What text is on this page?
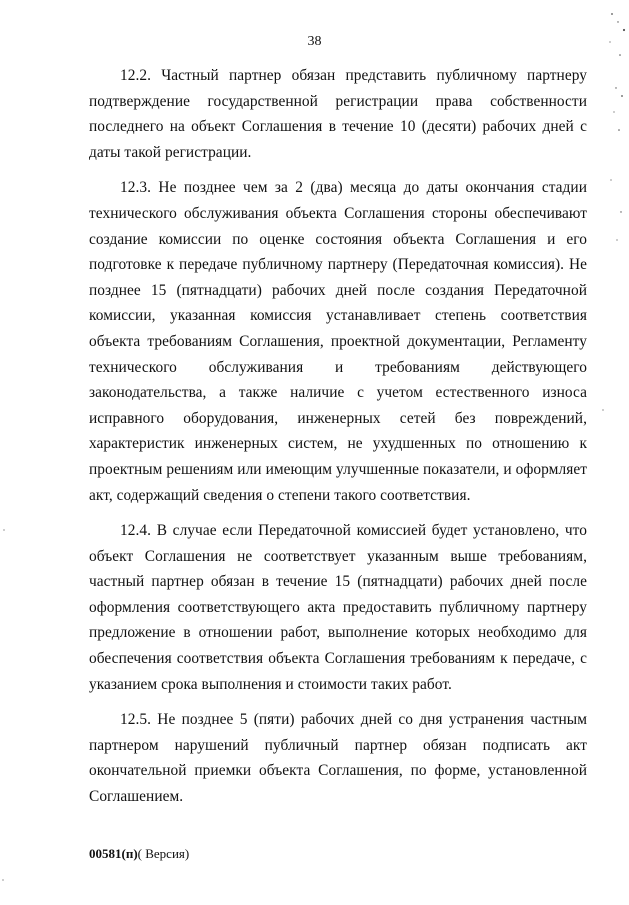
38

12.2. Частный партнер обязан представить публичному партнеру подтверждение государственной регистрации права собственности последнего на объект Соглашения в течение 10 (десяти) рабочих дней с даты такой регистрации.

12.3. Не позднее чем за 2 (два) месяца до даты окончания стадии технического обслуживания объекта Соглашения стороны обеспечивают создание комиссии по оценке состояния объекта Соглашения и его подготовке к передаче публичному партнеру (Передаточная комиссия). Не позднее 15 (пятнадцати) рабочих дней после создания Передаточной комиссии, указанная комиссия устанавливает степень соответствия объекта требованиям Соглашения, проектной документации, Регламенту технического обслуживания и требованиям действующего законодательства, а также наличие с учетом естественного износа исправного оборудования, инженерных сетей без повреждений, характеристик инженерных систем, не ухудшенных по отношению к проектным решениям или имеющим улучшенные показатели, и оформляет акт, содержащий сведения о степени такого соответствия.

12.4. В случае если Передаточной комиссией будет установлено, что объект Соглашения не соответствует указанным выше требованиям, частный партнер обязан в течение 15 (пятнадцати) рабочих дней после оформления соответствующего акта предоставить публичному партнеру предложение в отношении работ, выполнение которых необходимо для обеспечения соответствия объекта Соглашения требованиям к передаче, с указанием срока выполнения и стоимости таких работ.

12.5. Не позднее 5 (пяти) рабочих дней со дня устранения частным партнером нарушений публичный партнер обязан подписать акт окончательной приемки объекта Соглашения, по форме, установленной Соглашением.

00581(п)( Версия)
